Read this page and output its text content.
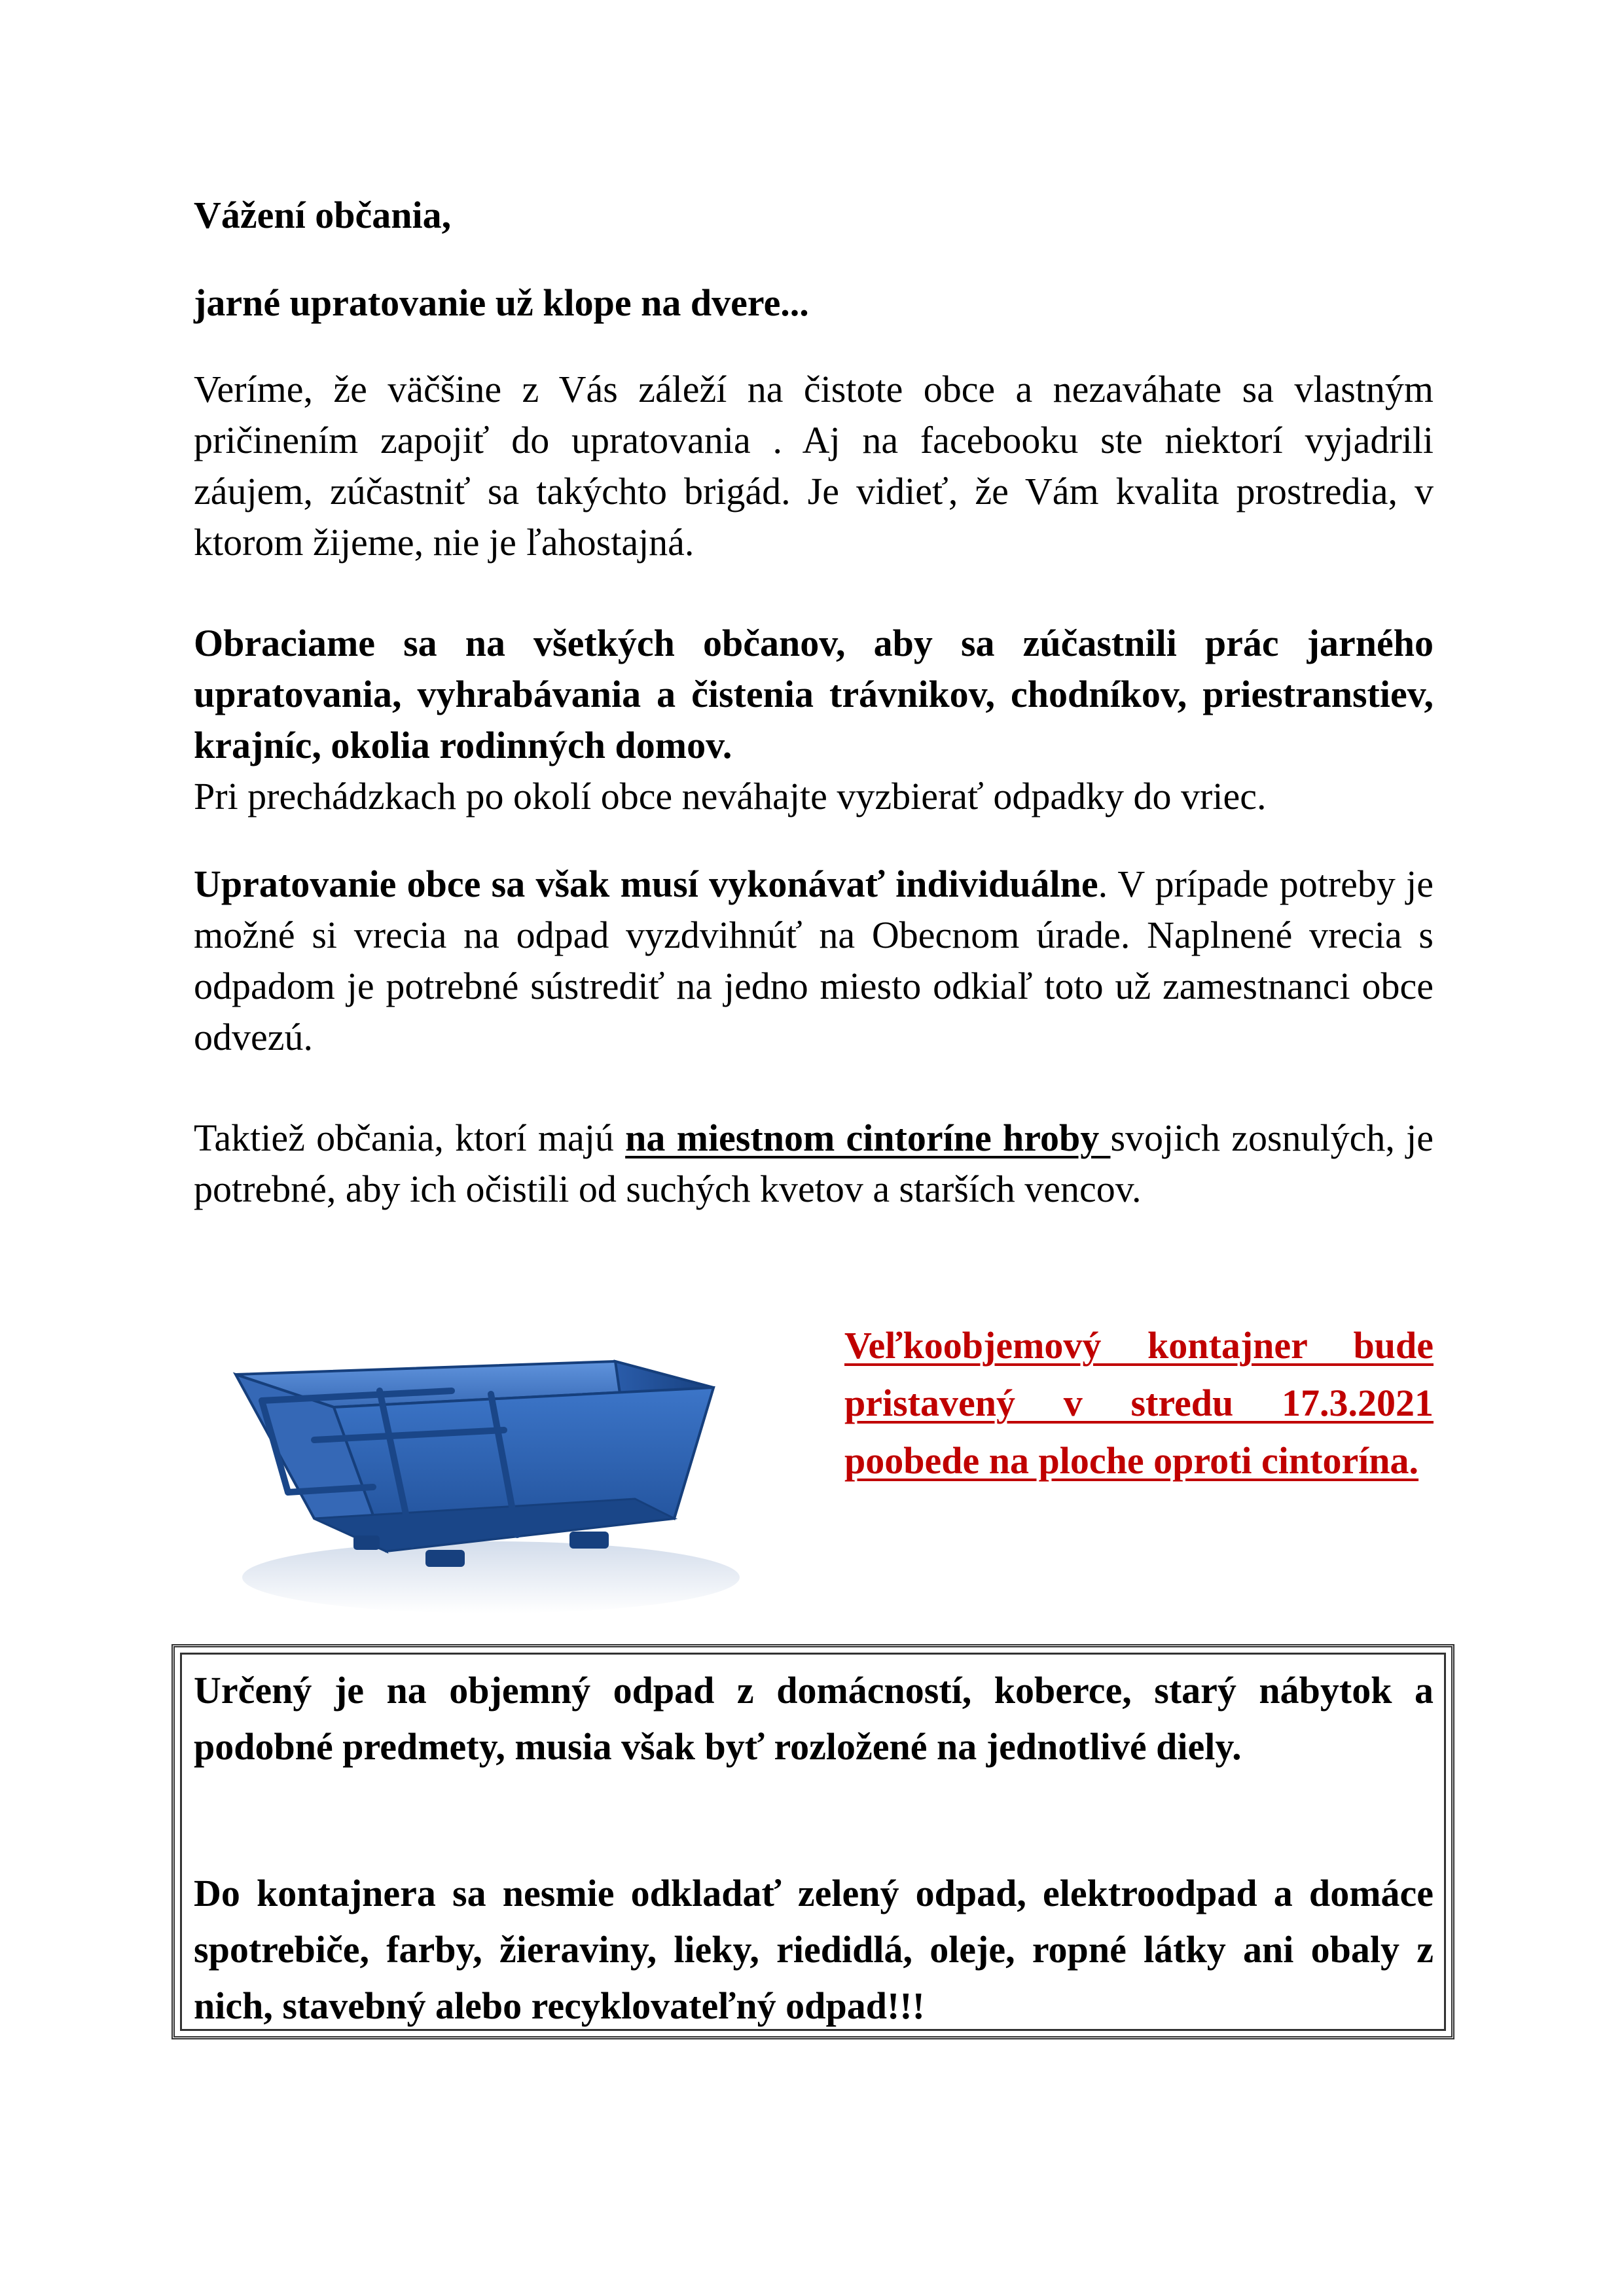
Vážení občania,

jarné upratovanie už klope na dvere...

Veríme, že väčšine z Vás záleží na čistote obce a nezaváhate sa vlastným pričinením zapojiť do upratovania . Aj na facebooku ste niektorí vyjadrili záujem, zúčastniť sa takýchto brigád. Je vidieť, že Vám kvalita prostredia, v ktorom žijeme, nie je ľahostajná.

Obraciame sa na všetkých občanov, aby sa zúčastnili prác jarného upratovania, vyhrabávania a čistenia trávnikov, chodníkov, priestranstiev, krajníc, okolia rodinných domov.
Pri prechádzkach po okolí obce neváhajte vyzbierať odpadky do vriec.

Upratovanie obce sa však musí vykonávať individuálne. V prípade potreby je možné si vrecia na odpad vyzdvihnúť na Obecnom úrade. Naplnené vrecia s odpadom je potrebné sústrediť na jedno miesto odkiaľ toto už zamestnanci obce odvezú.

Taktiež občania, ktorí majú na miestnom cintoríne hroby svojich zosnulých, je potrebné, aby ich očistili od suchých kvetov a starších vencov.

Veľkoobjemový kontajner bude pristavený v stredu 17.3.2021 poobede na ploche oproti cintorína.

Určený je na objemný odpad z domácností, koberce, starý nábytok a podobné predmety, musia však byť rozložené na jednotlivé diely.

Do kontajnera sa nesmie odkladať zelený odpad, elektroodpad a domáce spotrebiče, farby, žieraviny, lieky, riedidlá, oleje, ropné látky ani obaly z nich, stavebný alebo recyklovateľný odpad!!!
